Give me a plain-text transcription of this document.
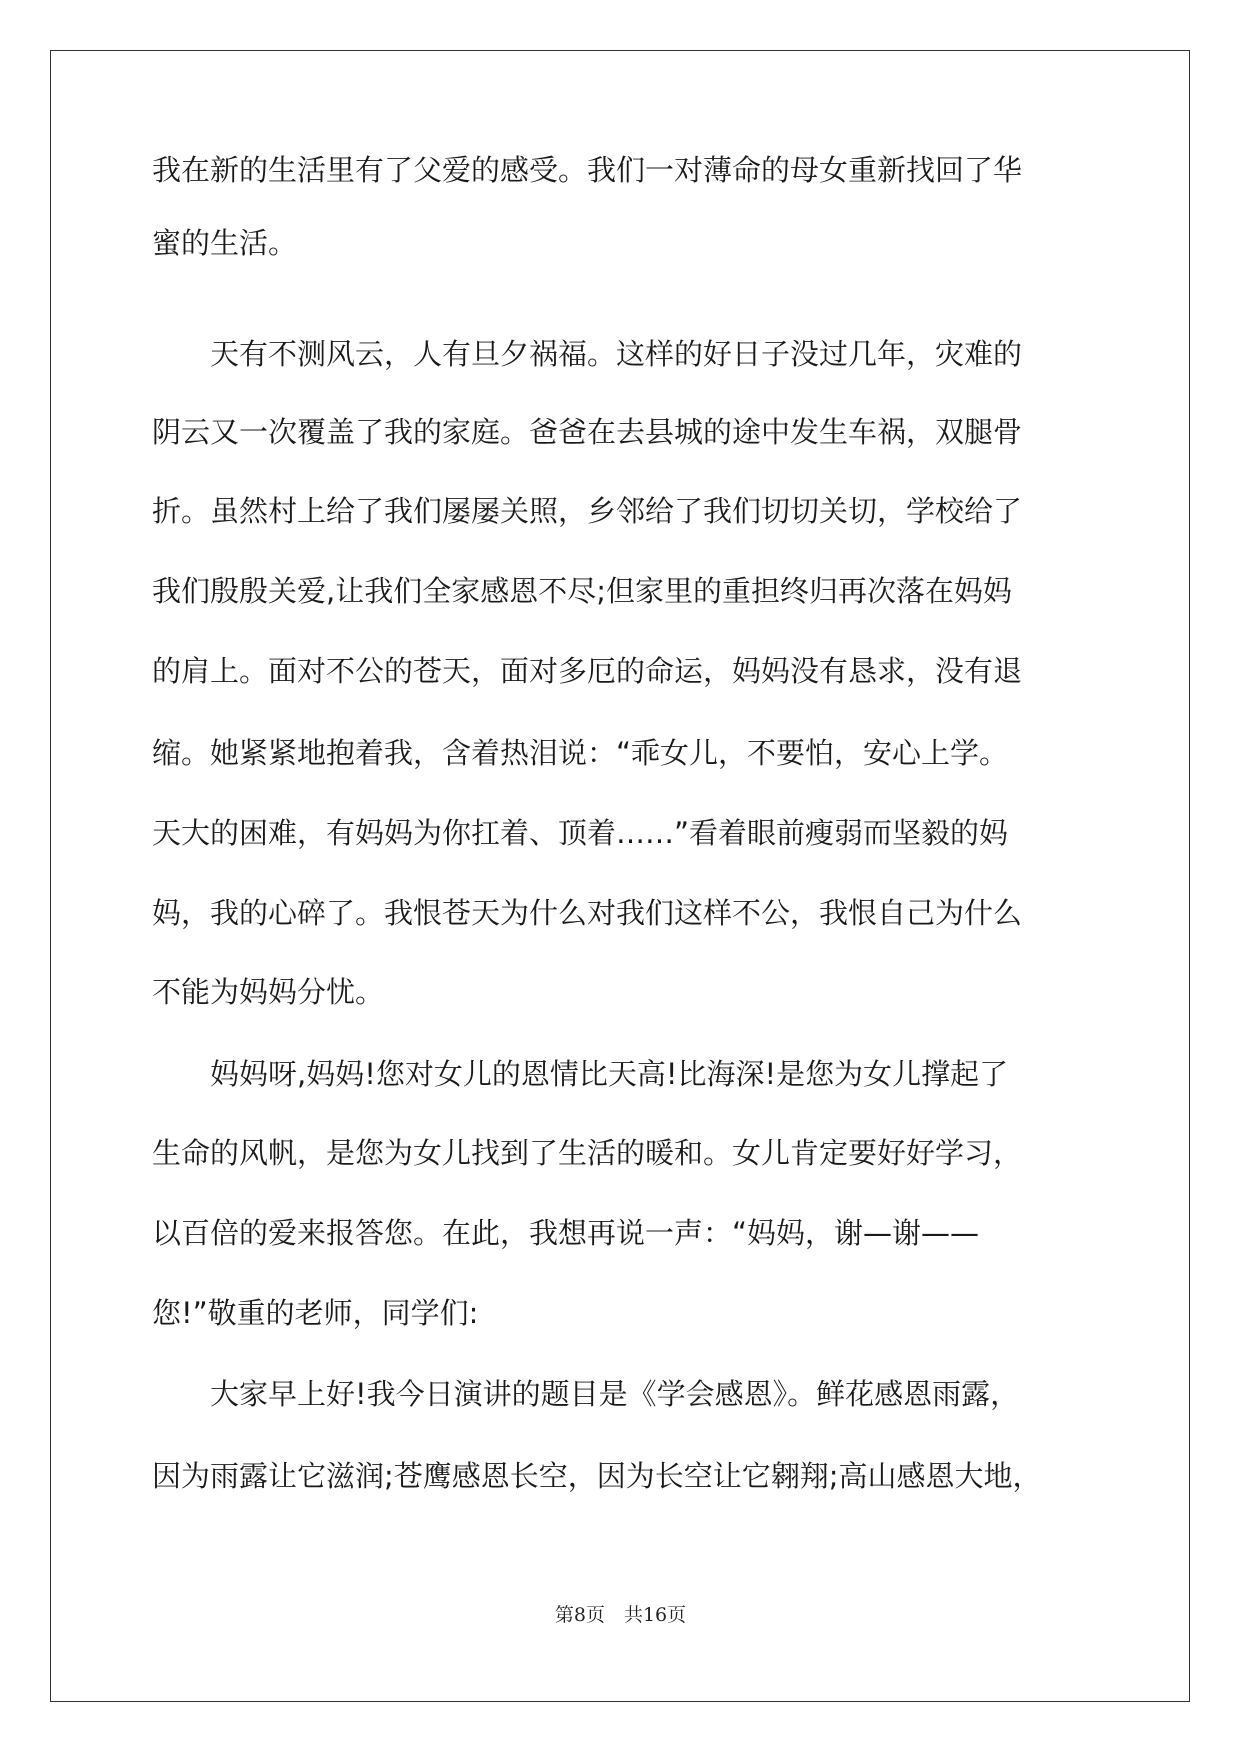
我在新的生活里有了父爱的感受。我们一对薄命的母女重新找回了华
蜜的生活。
　　天有不测风云，人有旦夕祸福。这样的好日子没过几年，灾难的
阴云又一次覆盖了我的家庭。爸爸在去县城的途中发生车祸，双腿骨
折。虽然村上给了我们屡屡关照，乡邻给了我们切切关切，学校给了
我们殷殷关爱,让我们全家感恩不尽;但家里的重担终归再次落在妈妈
的肩上。面对不公的苍天，面对多厄的命运，妈妈没有恳求，没有退
缩。她紧紧地抱着我，含着热泪说：“乖女儿，不要怕，安心上学。
天大的困难，有妈妈为你扛着、顶着……”看着眼前瘦弱而坚毅的妈
妈，我的心碎了。我恨苍天为什么对我们这样不公，我恨自己为什么
不能为妈妈分忧。
　　妈妈呀,妈妈!您对女儿的恩情比天高!比海深!是您为女儿撑起了
生命的风帆，是您为女儿找到了生活的暖和。女儿肯定要好好学习，
以百倍的爱来报答您。在此，我想再说一声：“妈妈，谢—谢——
您!”敬重的老师，同学们:
　　大家早上好!我今日演讲的题目是《学会感恩》。鲜花感恩雨露，
因为雨露让它滋润;苍鹰感恩长空，因为长空让它翱翔;高山感恩大地，
第8页　共16页
